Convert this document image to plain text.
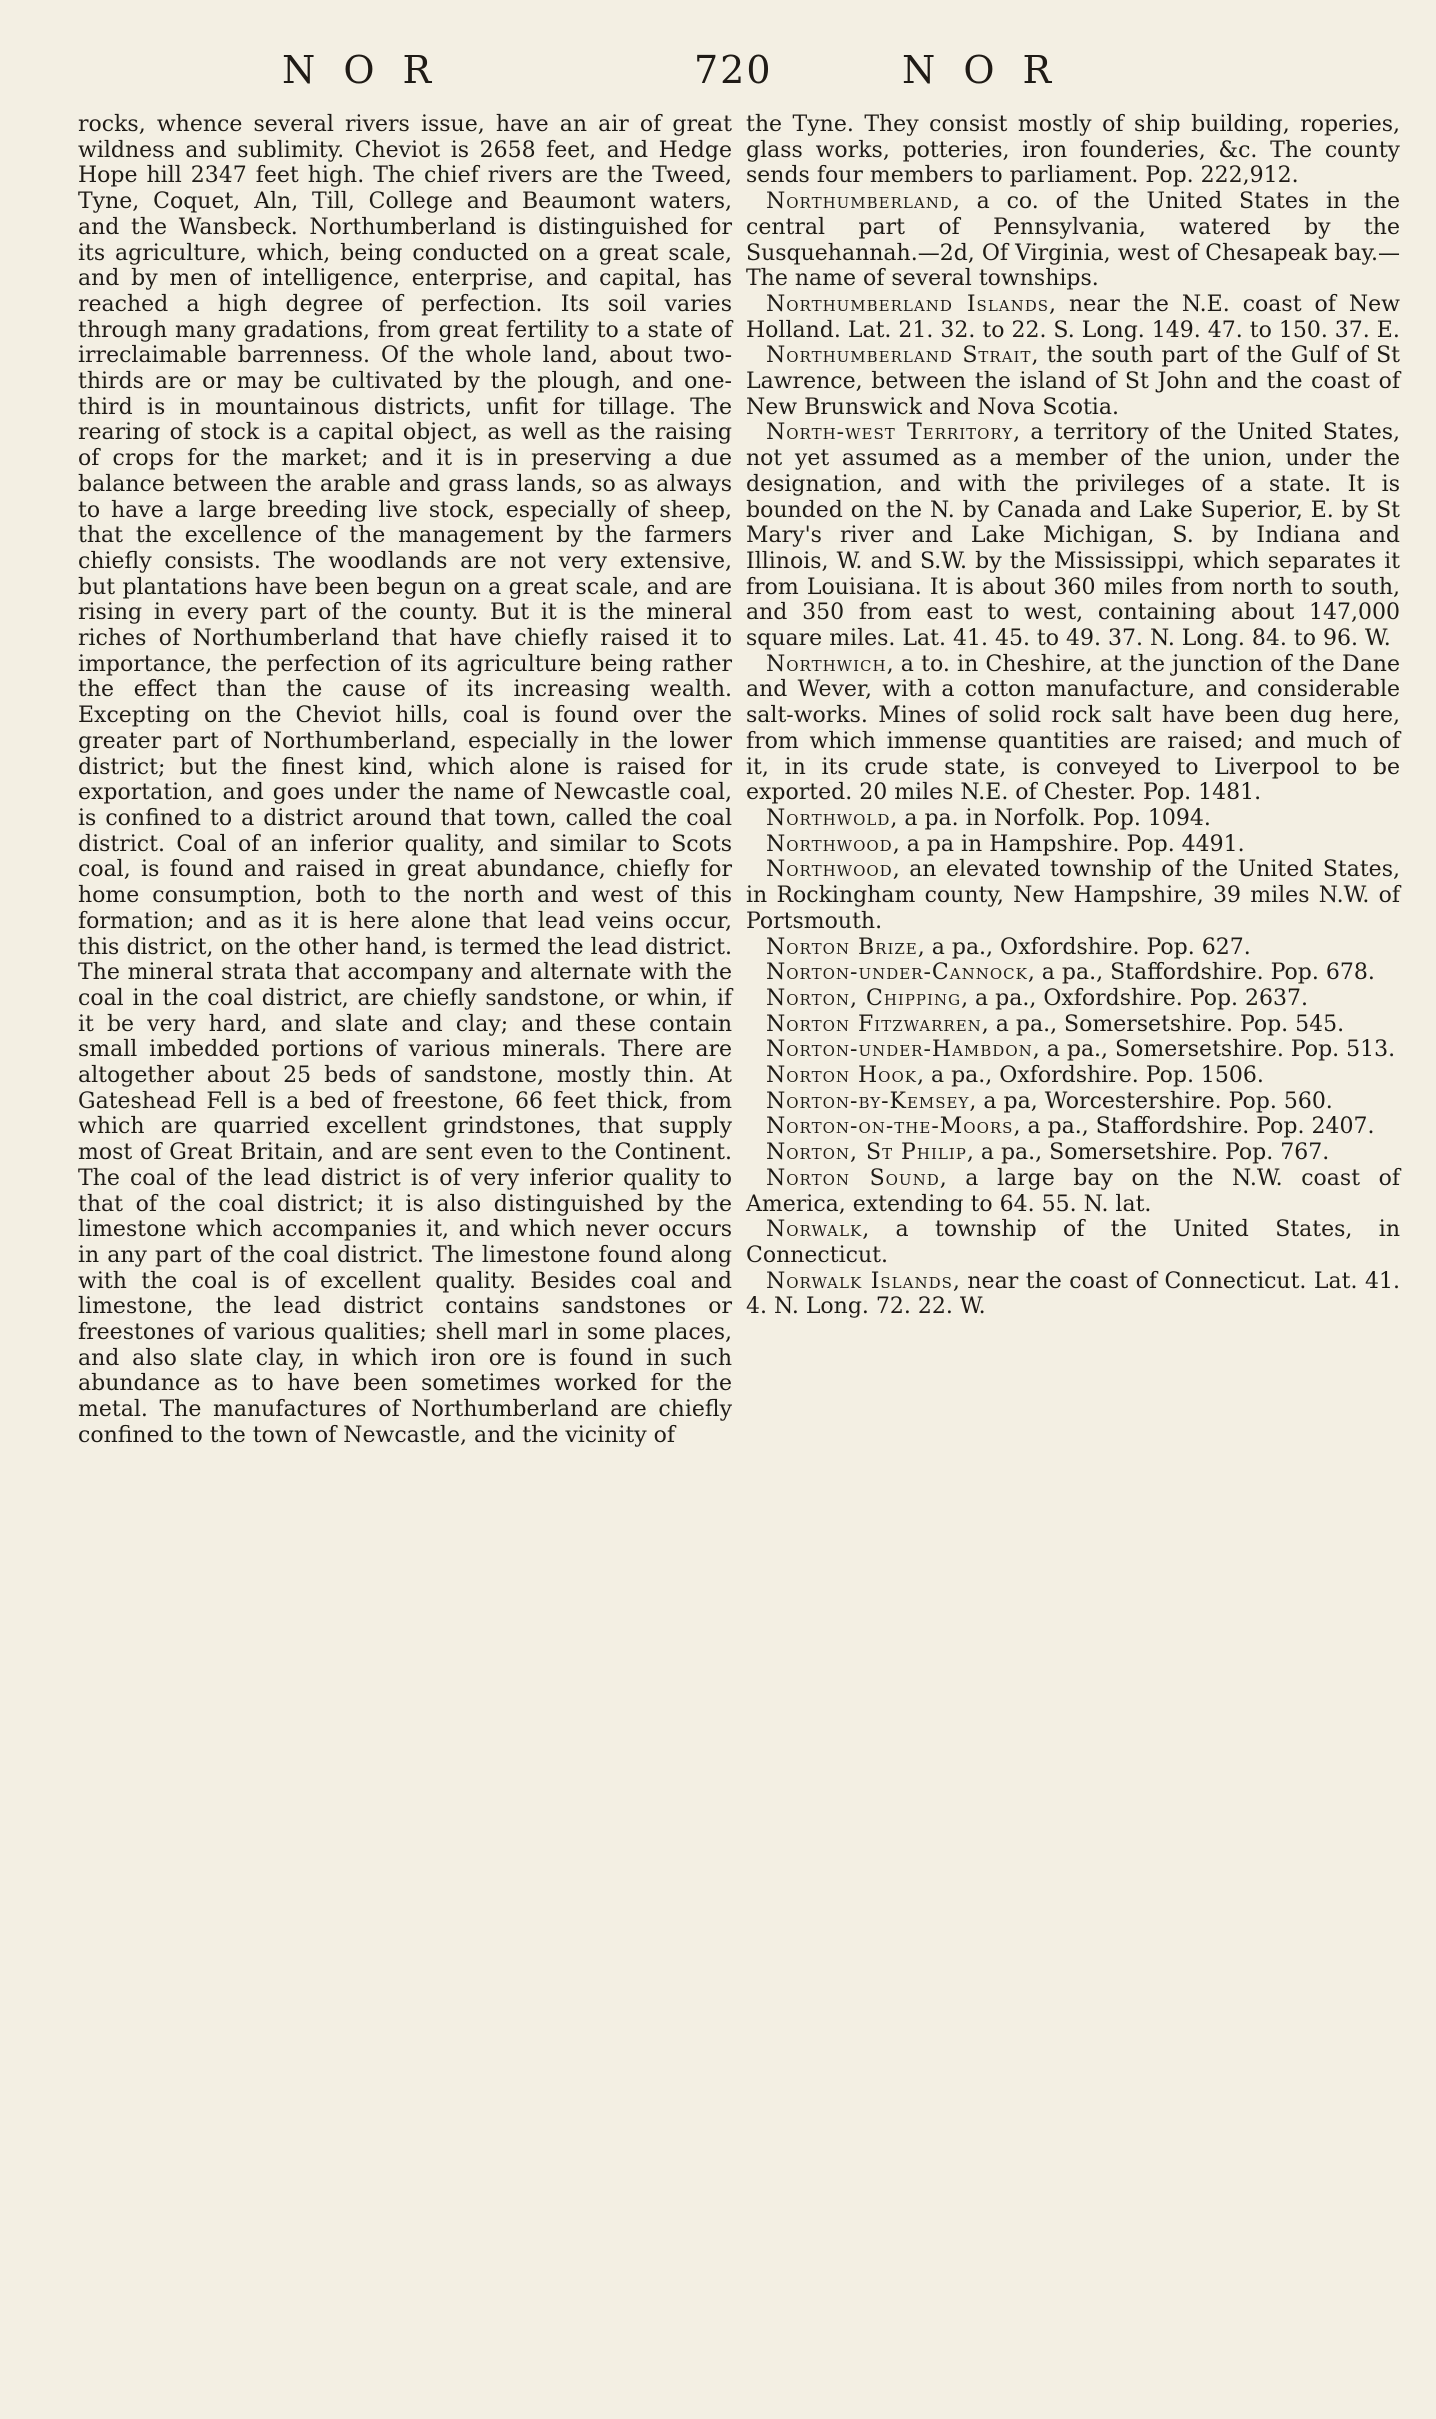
N O R	720	N O R

rocks, whence several rivers issue, have an air of great wildness and sublimity. Cheviot is 2658 feet, and Hedge Hope hill 2347 feet high. The chief rivers are the Tweed, Tyne, Coquet, Aln, Till, College and Beaumont waters, and the Wansbeck. Northumberland is distinguished for its agriculture, which, being conducted on a great scale, and by men of intelligence, enterprise, and capital, has reached a high degree of perfection. Its soil varies through many gradations, from great fertility to a state of irreclaimable barrenness. Of the whole land, about two-thirds are or may be cultivated by the plough, and one-third is in mountainous districts, unfit for tillage. The rearing of stock is a capital object, as well as the raising of crops for the market; and it is in preserving a due balance between the arable and grass lands, so as always to have a large breeding live stock, especially of sheep, that the excellence of the management by the farmers chiefly consists. The woodlands are not very extensive, but plantations have been begun on a great scale, and are rising in every part of the county. But it is the mineral riches of Northumberland that have chiefly raised it to importance, the perfection of its agriculture being rather the effect than the cause of its increasing wealth. Excepting on the Cheviot hills, coal is found over the greater part of Northumberland, especially in the lower district; but the finest kind, which alone is raised for exportation, and goes under the name of Newcastle coal, is confined to a district around that town, called the coal district. Coal of an inferior quality, and similar to Scots coal, is found and raised in great abundance, chiefly for home consumption, both to the north and west of this formation; and as it is here alone that lead veins occur, this district, on the other hand, is termed the lead district. The mineral strata that accompany and alternate with the coal in the coal district, are chiefly sandstone, or whin, if it be very hard, and slate and clay; and these contain small imbedded portions of various minerals. There are altogether about 25 beds of sandstone, mostly thin. At Gateshead Fell is a bed of freestone, 66 feet thick, from which are quarried excellent grindstones, that supply most of Great Britain, and are sent even to the Continent. The coal of the lead district is of very inferior quality to that of the coal district; it is also distinguished by the limestone which accompanies it, and which never occurs in any part of the coal district. The limestone found along with the coal is of excellent quality. Besides coal and limestone, the lead district contains sandstones or freestones of various qualities; shell marl in some places, and also slate clay, in which iron ore is found in such abundance as to have been sometimes worked for the metal. The manufactures of Northumberland are chiefly confined to the town of Newcastle, and the vicinity of

the Tyne. They consist mostly of ship building, roperies, glass works, potteries, iron founderies, &c. The county sends four members to parliament. Pop. 222,912.

Northumberland, a co. of the United States in the central part of Pennsylvania, watered by the Susquehannah.—2d, Of Virginia, west of Chesapeak bay.—The name of several townships.

Northumberland Islands, near the N.E. coast of New Holland. Lat. 21. 32. to 22. S. Long. 149. 47. to 150. 37. E.

Northumberland Strait, the south part of the Gulf of St Lawrence, between the island of St John and the coast of New Brunswick and Nova Scotia.

North-west Territory, a territory of the United States, not yet assumed as a member of the union, under the designation, and with the privileges of a state. It is bounded on the N. by Canada and Lake Superior, E. by St Mary's river and Lake Michigan, S. by Indiana and Illinois, W. and S.W. by the Mississippi, which separates it from Louisiana. It is about 360 miles from north to south, and 350 from east to west, containing about 147,000 square miles. Lat. 41. 45. to 49. 37. N. Long. 84. to 96. W.

Northwich, a to. in Cheshire, at the junction of the Dane and Wever, with a cotton manufacture, and considerable salt-works. Mines of solid rock salt have been dug here, from which immense quantities are raised; and much of it, in its crude state, is conveyed to Liverpool to be exported. 20 miles N.E. of Chester. Pop. 1481.

Northwold, a pa. in Norfolk. Pop. 1094.

Northwood, a pa in Hampshire. Pop. 4491.

Northwood, an elevated township of the United States, in Rockingham county, New Hampshire, 39 miles N.W. of Portsmouth.

Norton Brize, a pa., Oxfordshire. Pop. 627.

Norton-under-Cannock, a pa., Staffordshire. Pop. 678.

Norton, Chipping, a pa., Oxfordshire. Pop. 2637.

Norton Fitzwarren, a pa., Somersetshire. Pop. 545.

Norton-under-Hambdon, a pa., Somersetshire. Pop. 513.

Norton Hook, a pa., Oxfordshire. Pop. 1506.

Norton-by-Kemsey, a pa, Worcestershire. Pop. 560.

Norton-on-the-Moors, a pa., Staffordshire. Pop. 2407.

Norton, St Philip, a pa., Somersetshire. Pop. 767.

Norton Sound, a large bay on the N.W. coast of America, extending to 64. 55. N. lat.

Norwalk, a township of the United States, in Connecticut.

Norwalk Islands, near the coast of Connecticut. Lat. 41. 4. N. Long. 72. 22. W.
